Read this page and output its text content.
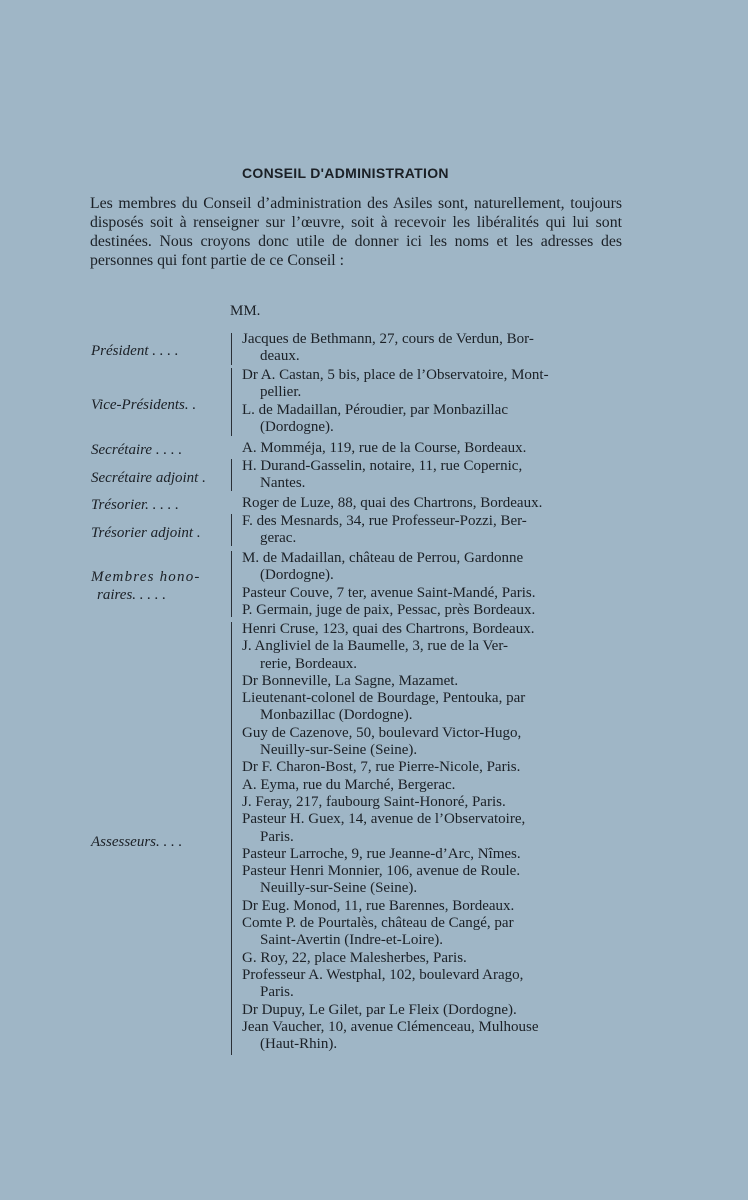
CONSEIL D'ADMINISTRATION

Les membres du Conseil d’administration des Asiles sont, naturellement, toujours disposés soit à renseigner sur l’œuvre, soit à recevoir les libéralités qui lui sont destinées. Nous croyons donc utile de donner ici les noms et les adresses des personnes qui font partie de ce Conseil :

MM.
Président . . . .

Jacques de Bethmann, 27, cours de Verdun, Bor-

deaux.

Vice-Présidents. .

Dr A. Castan, 5 bis, place de l’Observatoire, Mont-

pellier.

L. de Madaillan, Péroudier, par Monbazillac

(Dordogne).

Secrétaire . . . .	A. Momméja, 119, rue de la Course, Bordeaux.

Secrétaire adjoint .

H. Durand-Gasselin, notaire, 11, rue Copernic,

Nantes.

Trésorier. . . . .	Roger de Luze, 88, quai des Chartrons, Bordeaux.

Trésorier adjoint .

F. des Mesnards, 34, rue Professeur-Pozzi, Ber-

gerac.

Membres hono-
raires. . . . .

M. de Madaillan, château de Perrou, Gardonne

(Dordogne).

Pasteur Couve, 7 ter, avenue Saint-Mandé, Paris.

P. Germain, juge de paix, Pessac, près Bordeaux.

Assesseurs. . . .

Henri Cruse, 123, quai des Chartrons, Bordeaux.

J. Angliviel de la Baumelle, 3, rue de la Ver-

rerie, Bordeaux.

Dr Bonneville, La Sagne, Mazamet.

Lieutenant-colonel de Bourdage, Pentouka, par

Monbazillac (Dordogne).

Guy de Cazenove, 50, boulevard Victor-Hugo,

Neuilly-sur-Seine (Seine).

Dr F. Charon-Bost, 7, rue Pierre-Nicole, Paris.

A. Eyma, rue du Marché, Bergerac.

J. Feray, 217, faubourg Saint-Honoré, Paris.

Pasteur H. Guex, 14, avenue de l’Observatoire,

Paris.

Pasteur Larroche, 9, rue Jeanne-d’Arc, Nîmes.

Pasteur Henri Monnier, 106, avenue de Roule.

Neuilly-sur-Seine (Seine).

Dr Eug. Monod, 11, rue Barennes, Bordeaux.

Comte P. de Pourtalès, château de Cangé, par

Saint-Avertin (Indre-et-Loire).

G. Roy, 22, place Malesherbes, Paris.

Professeur A. Westphal, 102, boulevard Arago,

Paris.

Dr Dupuy, Le Gilet, par Le Fleix (Dordogne).

Jean Vaucher, 10, avenue Clémenceau, Mulhouse

(Haut-Rhin).
